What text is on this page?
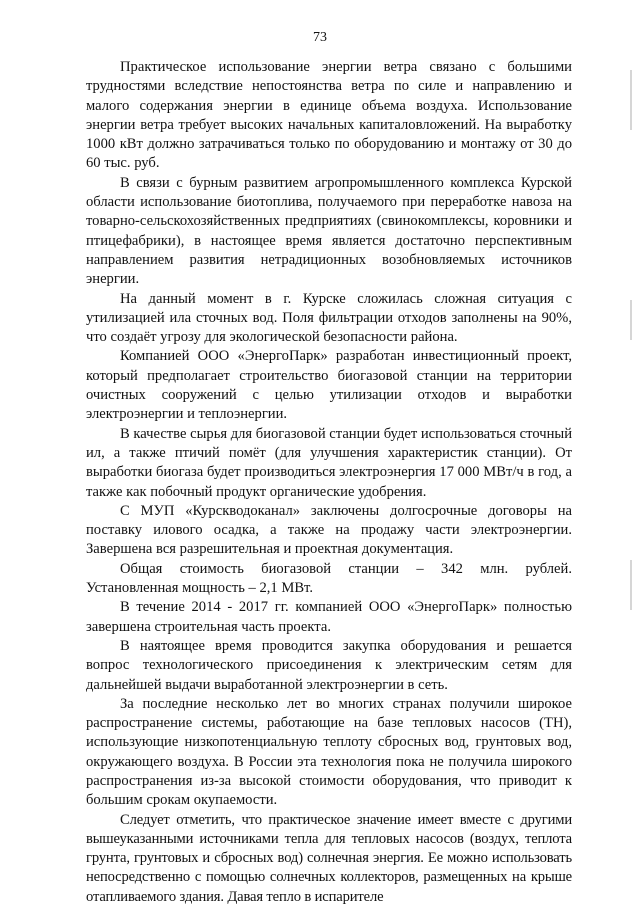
73

Практическое использование энергии ветра связано с большими трудностями вследствие непостоянства ветра по силе и направлению и малого содержания энергии в единице объема воздуха. Использование энергии ветра требует высоких начальных капиталовложений. На выработку 1000 кВт должно затрачиваться только по оборудованию и монтажу от 30 до 60 тыс. руб.

В связи с бурным развитием агропромышленного комплекса Курской области использование биотоплива, получаемого при переработке навоза на товарно-сельскохозяйственных предприятиях (свинокомплексы, коровники и птицефабрики), в настоящее время является достаточно перспективным направлением развития нетрадиционных возобновляемых источников энергии.

На данный момент в г. Курске сложилась сложная ситуация с утилизацией ила сточных вод. Поля фильтрации отходов заполнены на 90%, что создаёт угрозу для экологической безопасности района.

Компанией ООО «ЭнергоПарк» разработан инвестиционный проект, который предполагает строительство биогазовой станции на территории очистных сооружений с целью утилизации отходов и выработки электроэнергии и теплоэнергии.

В качестве сырья для биогазовой станции будет использоваться сточный ил, а также птичий помёт (для улучшения характеристик станции). От выработки биогаза будет производиться электроэнергия 17 000 МВт/ч в год, а также как побочный продукт органические удобрения.

С МУП «Курскводоканал» заключены долгосрочные договоры на поставку илового осадка, а также на продажу части электроэнергии. Завершена вся разрешительная и проектная документация.

Общая стоимость биогазовой станции – 342 млн. рублей. Установленная мощность – 2,1 МВт.

В течение 2014 - 2017 гг. компанией ООО «ЭнергоПарк» полностью завершена строительная часть проекта.

В наятоящее время проводится закупка оборудования и решается вопрос технологического присоединения к электрическим сетям для дальнейшей выдачи выработанной электроэнергии в сеть.

За последние несколько лет во многих странах получили широкое распространение системы, работающие на базе тепловых насосов (ТН), использующие низкопотенциальную теплоту сбросных вод, грунтовых вод, окружающего воздуха. В России эта технология пока не получила широкого распространения из-за высокой стоимости оборудования, что приводит к большим срокам окупаемости.

Следует отметить, что практическое значение имеет вместе с другими вышеуказанными источниками тепла для тепловых насосов (воздух, теплота грунта, грунтовых и сбросных вод) солнечная энергия. Ее можно использовать непосредственно с помощью солнечных коллекторов, размещенных на крыше отапливаемого здания. Давая тепло в испарителе
